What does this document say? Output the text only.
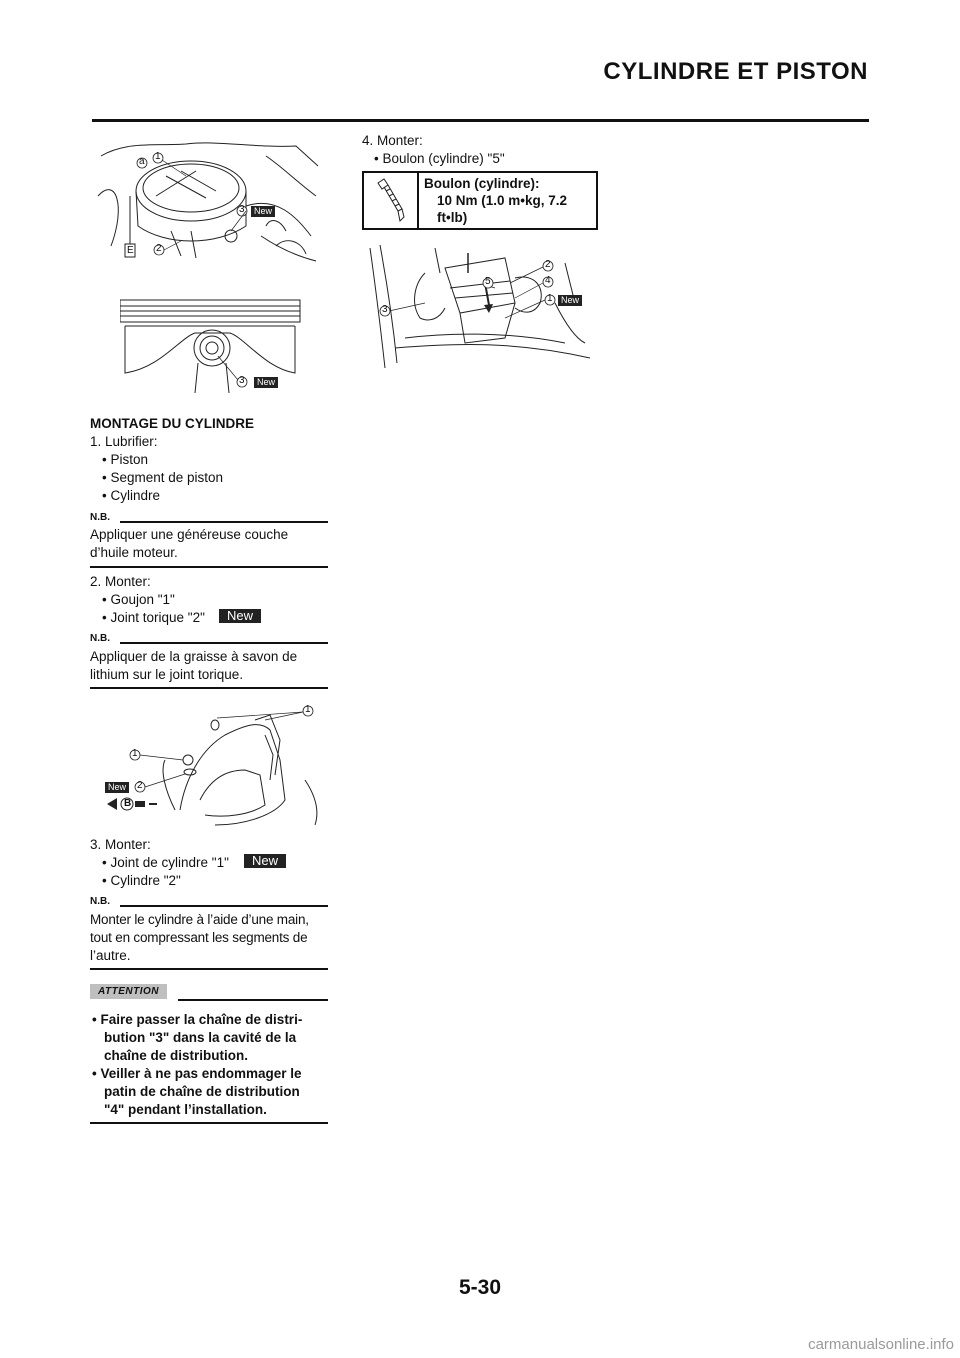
CYLINDRE ET PISTON
a 1
2
3
E
New
3	New
MONTAGE DU CYLINDRE
1. Lubrifier:
• Piston
• Segment de piston
• Cylindre
N.B.
Appliquer une généreuse couche
d’huile moteur.
2. Monter:
• Goujon "1"
• Joint torique "2"	New
N.B.
Appliquer de la graisse à savon de
lithium sur le joint torique.
1
1
2
B
New
3. Monter:
• Joint de cylindre "1"	New
• Cylindre "2"
N.B.
Monter le cylindre à l’aide d’une main,
tout en compressant les segments de
l’autre.
ATTENTION
• Faire passer la chaîne de distri-
bution "3" dans la cavité de la
chaîne de distribution.
• Veiller à ne pas endommager le
patin de chaîne de distribution
"4" pendant l’installation.
4. Monter:
• Boulon (cylindre) "5"
Boulon (cylindre):
10 Nm (1.0 m•kg, 7.2
ft•lb)
2
4
5
1
3
New
5-30
carmanualsonline.info
